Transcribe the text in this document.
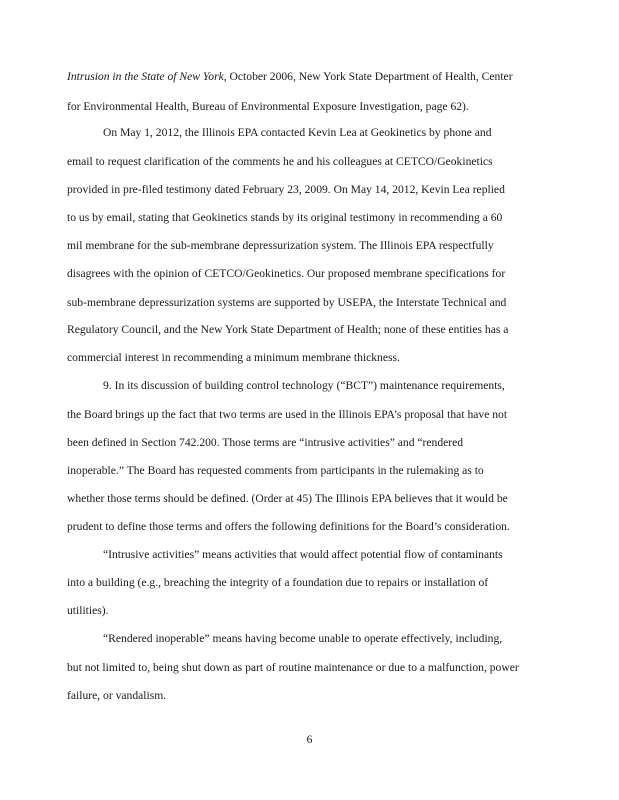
Intrusion in the State of New York, October 2006, New York State Department of Health, Center
for Environmental Health, Bureau of Environmental Exposure Investigation, page 62).
On May 1, 2012, the Illinois EPA contacted Kevin Lea at Geokinetics by phone and
email to request clarification of the comments he and his colleagues at CETCO/Geokinetics
provided in pre-filed testimony dated February 23, 2009. On May 14, 2012, Kevin Lea replied
to us by email, stating that Geokinetics stands by its original testimony in recommending a 60
mil membrane for the sub-membrane depressurization system. The Illinois EPA respectfully
disagrees with the opinion of CETCO/Geokinetics. Our proposed membrane specifications for
sub-membrane depressurization systems are supported by USEPA, the Interstate Technical and
Regulatory Council, and the New York State Department of Health; none of these entities has a
commercial interest in recommending a minimum membrane thickness.
9. In its discussion of building control technology (“BCT”) maintenance requirements,
the Board brings up the fact that two terms are used in the Illinois EPA’s proposal that have not
been defined in Section 742.200. Those terms are “intrusive activities” and “rendered
inoperable.” The Board has requested comments from participants in the rulemaking as to
whether those terms should be defined. (Order at 45) The Illinois EPA believes that it would be
prudent to define those terms and offers the following definitions for the Board’s consideration.
“Intrusive activities” means activities that would affect potential flow of contaminants
into a building (e.g., breaching the integrity of a foundation due to repairs or installation of
utilities).
“Rendered inoperable” means having become unable to operate effectively, including,
but not limited to, being shut down as part of routine maintenance or due to a malfunction, power
failure, or vandalism.
6
